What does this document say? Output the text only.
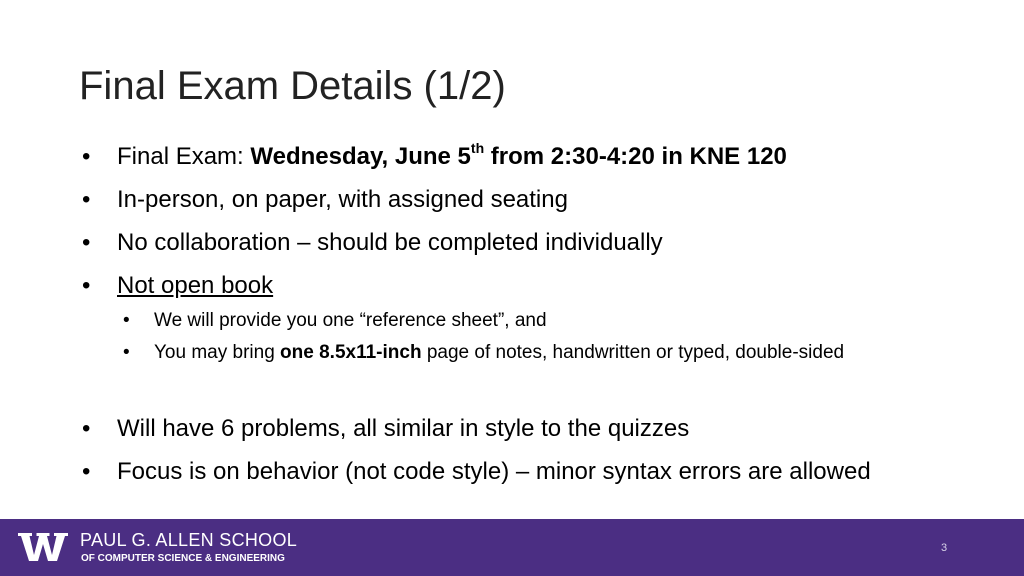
Final Exam Details (1/2)
• Final Exam: Wednesday, June 5th from 2:30-4:20 in KNE 120
• In-person, on paper, with assigned seating
• No collaboration – should be completed individually
• Not open book
• We will provide you one “reference sheet”, and
• You may bring one 8.5x11-inch page of notes, handwritten or typed, double-sided
• Will have 6 problems, all similar in style to the quizzes
• Focus is on behavior (not code style) – minor syntax errors are allowed
PAUL G. ALLEN SCHOOL
OF COMPUTER SCIENCE & ENGINEERING
3
